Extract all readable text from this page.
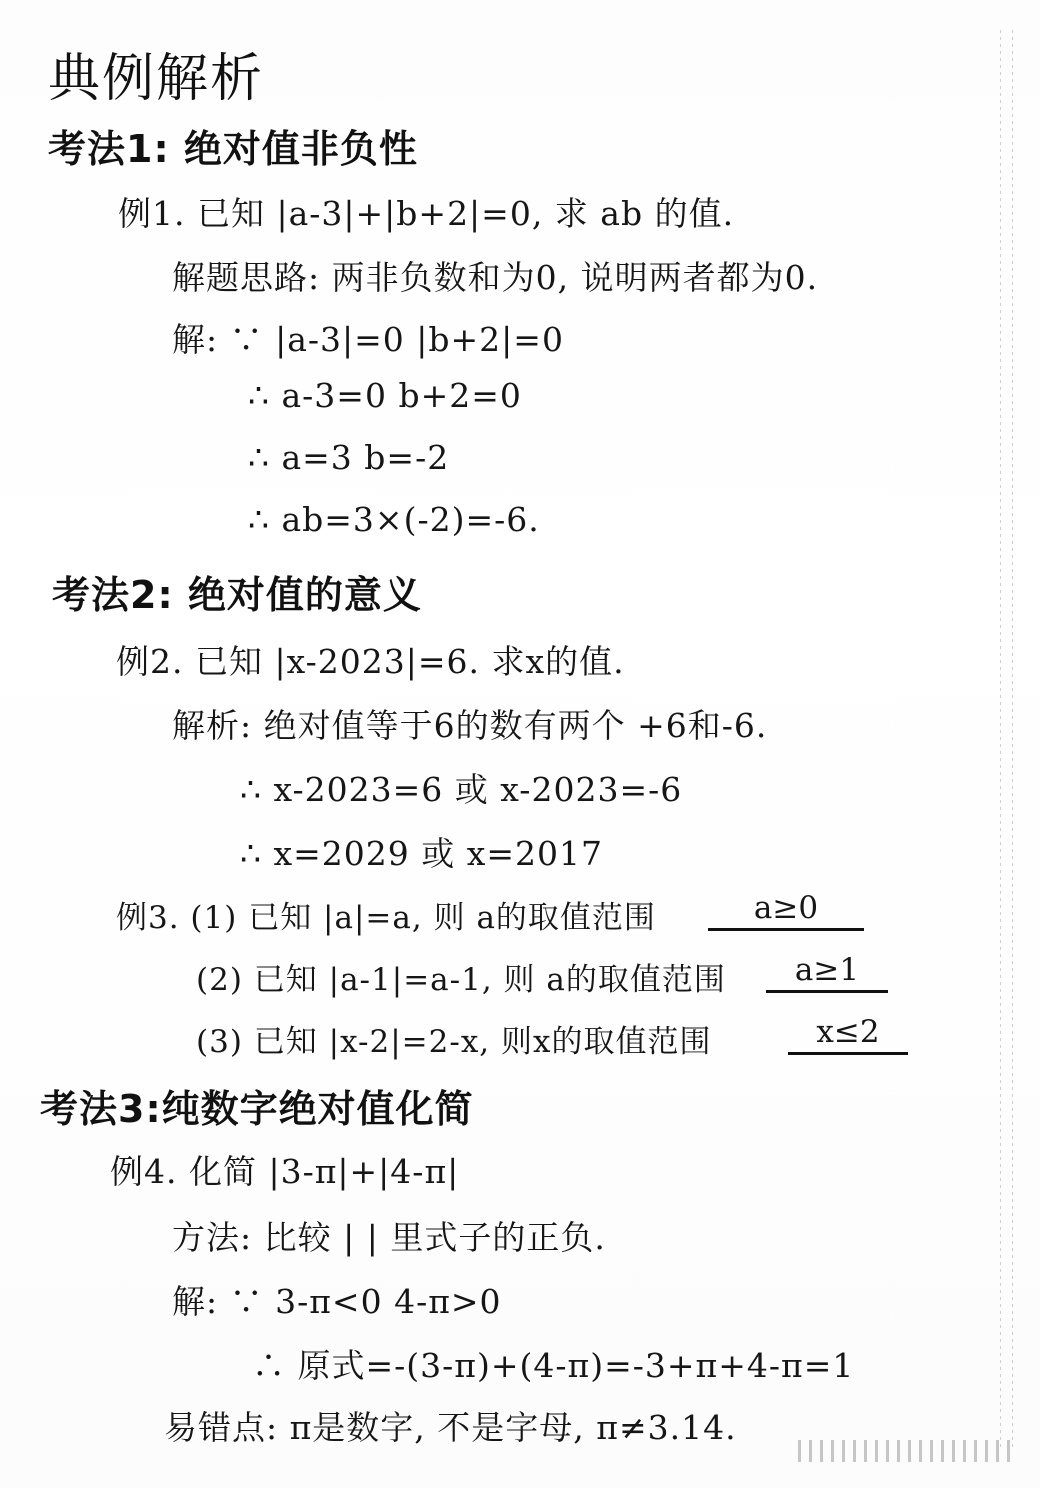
典例解析
考法1: 绝对值非负性
例1. 已知 |a-3|+|b+2|=0, 求 ab 的值.
解题思路: 两非负数和为0, 说明两者都为0.
解: ∵ |a-3|=0 |b+2|=0
∴ a-3=0 b+2=0
∴ a=3 b=-2
∴ ab=3×(-2)=-6.
考法2: 绝对值的意义
例2. 已知 |x-2023|=6. 求x的值.
解析: 绝对值等于6的数有两个 +6和-6.
∴ x-2023=6 或 x-2023=-6
∴ x=2029 或 x=2017
例3. (1) 已知 |a|=a, 则 a的取值范围	a≥0
(2) 已知 |a-1|=a-1, 则 a的取值范围	a≥1
(3) 已知 |x-2|=2-x, 则x的取值范围	x≤2
考法3:纯数字绝对值化简
例4. 化简 |3-π|+|4-π|
方法: 比较 | | 里式子的正负.
解: ∵ 3-π<0 4-π>0
∴ 原式=-(3-π)+(4-π)=-3+π+4-π=1
易错点: π是数字, 不是字母, π≠3.14.
